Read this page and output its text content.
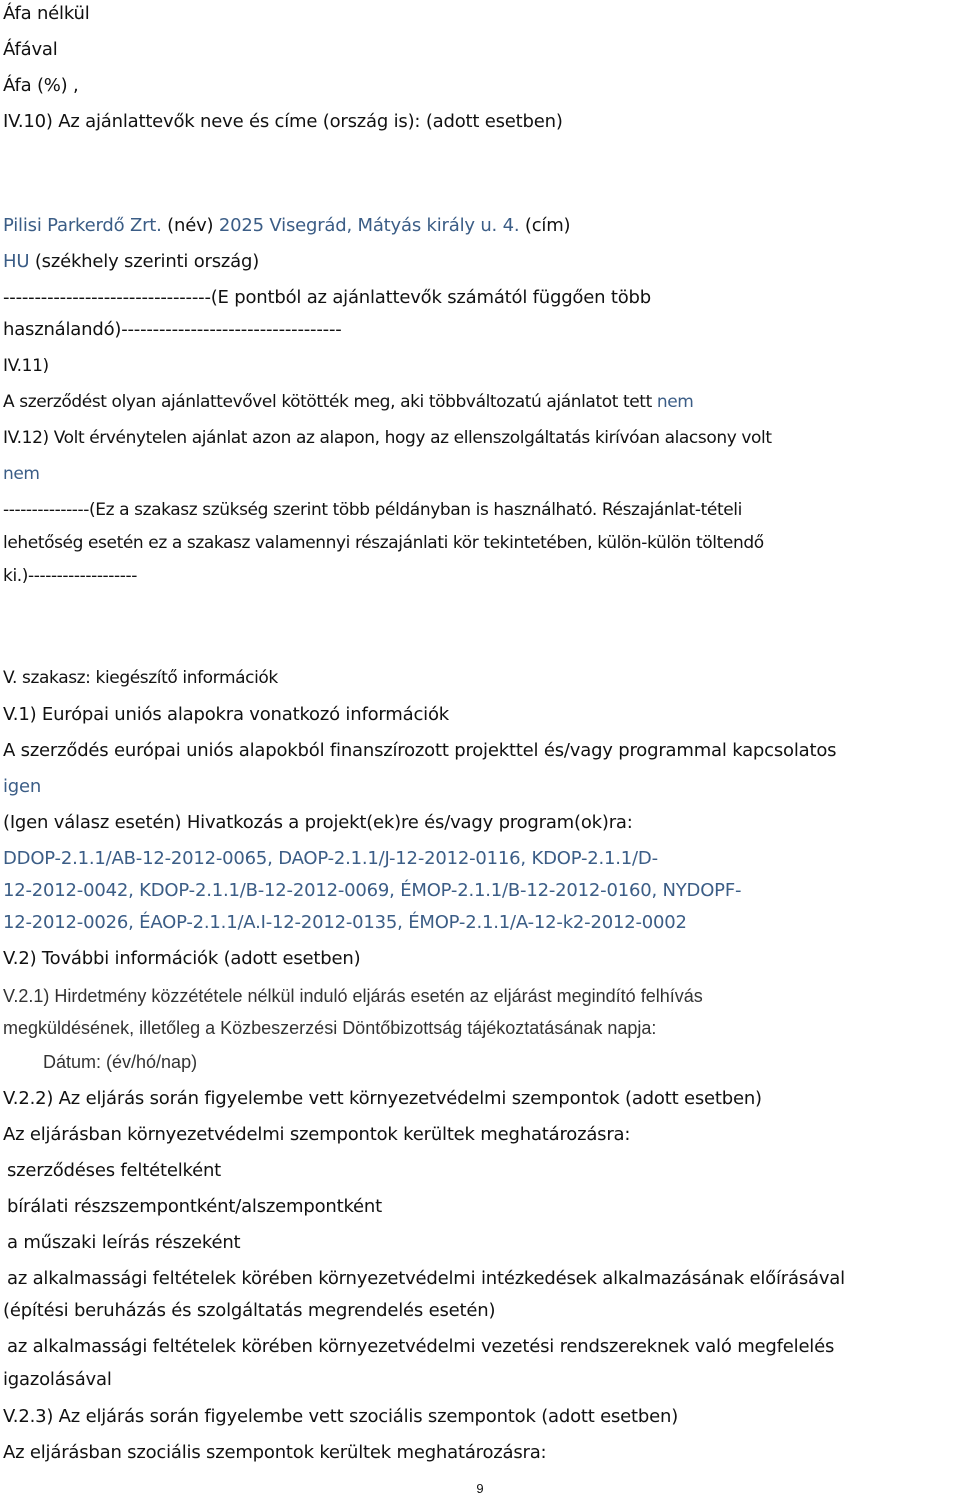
Áfa nélkül
Áfával
Áfa (%) ,
IV.10) Az ajánlattevők neve és címe (ország is): (adott esetben)
Pilisi Parkerdő Zrt. (név) 2025 Visegrád, Mátyás király u. 4. (cím)
HU (székhely szerinti ország)
---------------------------------(E pontból az ajánlattevők számától függően több
használandó)-----------------------------------
IV.11)
A szerződést olyan ajánlattevővel kötötték meg, aki többváltozatú ajánlatot tett nem
IV.12) Volt érvénytelen ajánlat azon az alapon, hogy az ellenszolgáltatás kirívóan alacsony volt
nem
---------------(Ez a szakasz szükség szerint több példányban is használható. Részajánlat-tételi
lehetőség esetén ez a szakasz valamennyi részajánlati kör tekintetében, külön-külön töltendő
ki.)-------------------
V. szakasz: kiegészítő információk
V.1) Európai uniós alapokra vonatkozó információk
A szerződés európai uniós alapokból finanszírozott projekttel és/vagy programmal kapcsolatos
igen
(Igen válasz esetén) Hivatkozás a projekt(ek)re és/vagy program(ok)ra:
DDOP-2.1.1/AB-12-2012-0065, DAOP-2.1.1/J-12-2012-0116, KDOP-2.1.1/D-
12-2012-0042, KDOP-2.1.1/B-12-2012-0069, ÉMOP-2.1.1/B-12-2012-0160, NYDOPF-
12-2012-0026, ÉAOP-2.1.1/A.I-12-2012-0135, ÉMOP-2.1.1/A-12-k2-2012-0002
V.2) További információk (adott esetben)
V.2.1) Hirdetmény közzététele nélkül induló eljárás esetén az eljárást megindító felhívás
megküldésének, illetőleg a Közbeszerzési Döntőbizottság tájékoztatásának napja:
Dátum: (év/hó/nap)
V.2.2) Az eljárás során figyelembe vett környezetvédelmi szempontok (adott esetben)
Az eljárásban környezetvédelmi szempontok kerültek meghatározásra:
szerződéses feltételként
bírálati részszempontként/alszempontként
a műszaki leírás részeként
az alkalmassági feltételek körében környezetvédelmi intézkedések alkalmazásának előírásával
(építési beruházás és szolgáltatás megrendelés esetén)
az alkalmassági feltételek körében környezetvédelmi vezetési rendszereknek való megfelelés
igazolásával
V.2.3) Az eljárás során figyelembe vett szociális szempontok (adott esetben)
Az eljárásban szociális szempontok kerültek meghatározásra:
9
